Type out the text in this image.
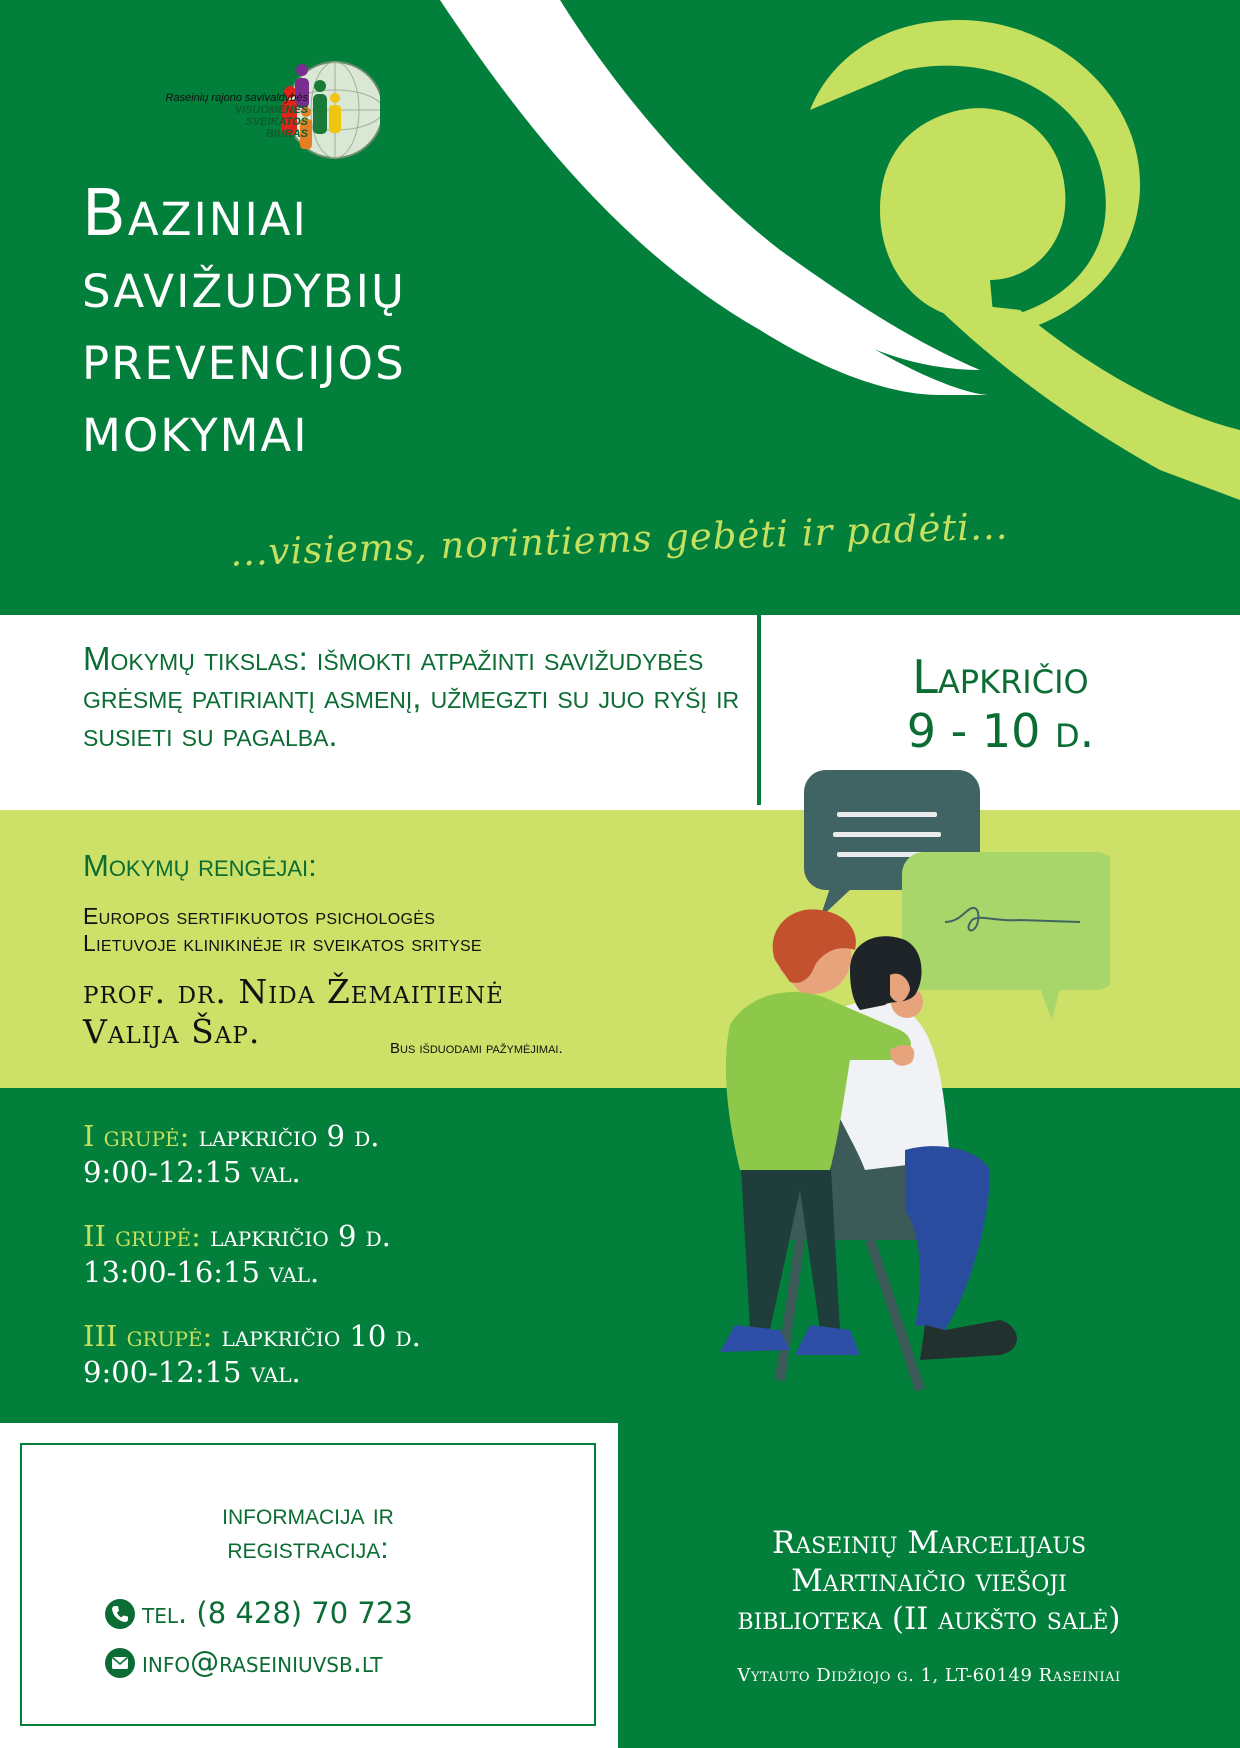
Raseinių rajono savivaldybės
VISUOMENĖS
SVEIKATOS
BIURAS
Baziniai
savižudybių
prevencijos
mokymai
...visiems, norintiems gebėti ir padėti...
Mokymų tikslas: išmokti atpažinti savižudybės grėsmę patiriantį asmenį, užmegzti su juo ryšį ir susieti su pagalba.
Lapkričio
9 - 10 d.
Mokymų rengėjai:
Europos sertifikuotos psichologės
Lietuvoje klinikinėje ir sveikatos srityse
prof. dr. Nida Žemaitienė
Valija Šap.	Bus išduodami pažymėjimai.
I grupė: lapkričio 9 d.
9:00-12:15 val.
II grupė: lapkričio 9 d.
13:00-16:15 val.
III grupė: lapkričio 10 d.
9:00-12:15 val.
informacija ir
registracija:
tel. (8 428) 70 723
info@raseiniuvsb.lt
Raseinių Marcelijaus
Martinaičio viešoji
biblioteka (II aukšto salė)
Vytauto Didžiojo g. 1, LT-60149 Raseiniai
